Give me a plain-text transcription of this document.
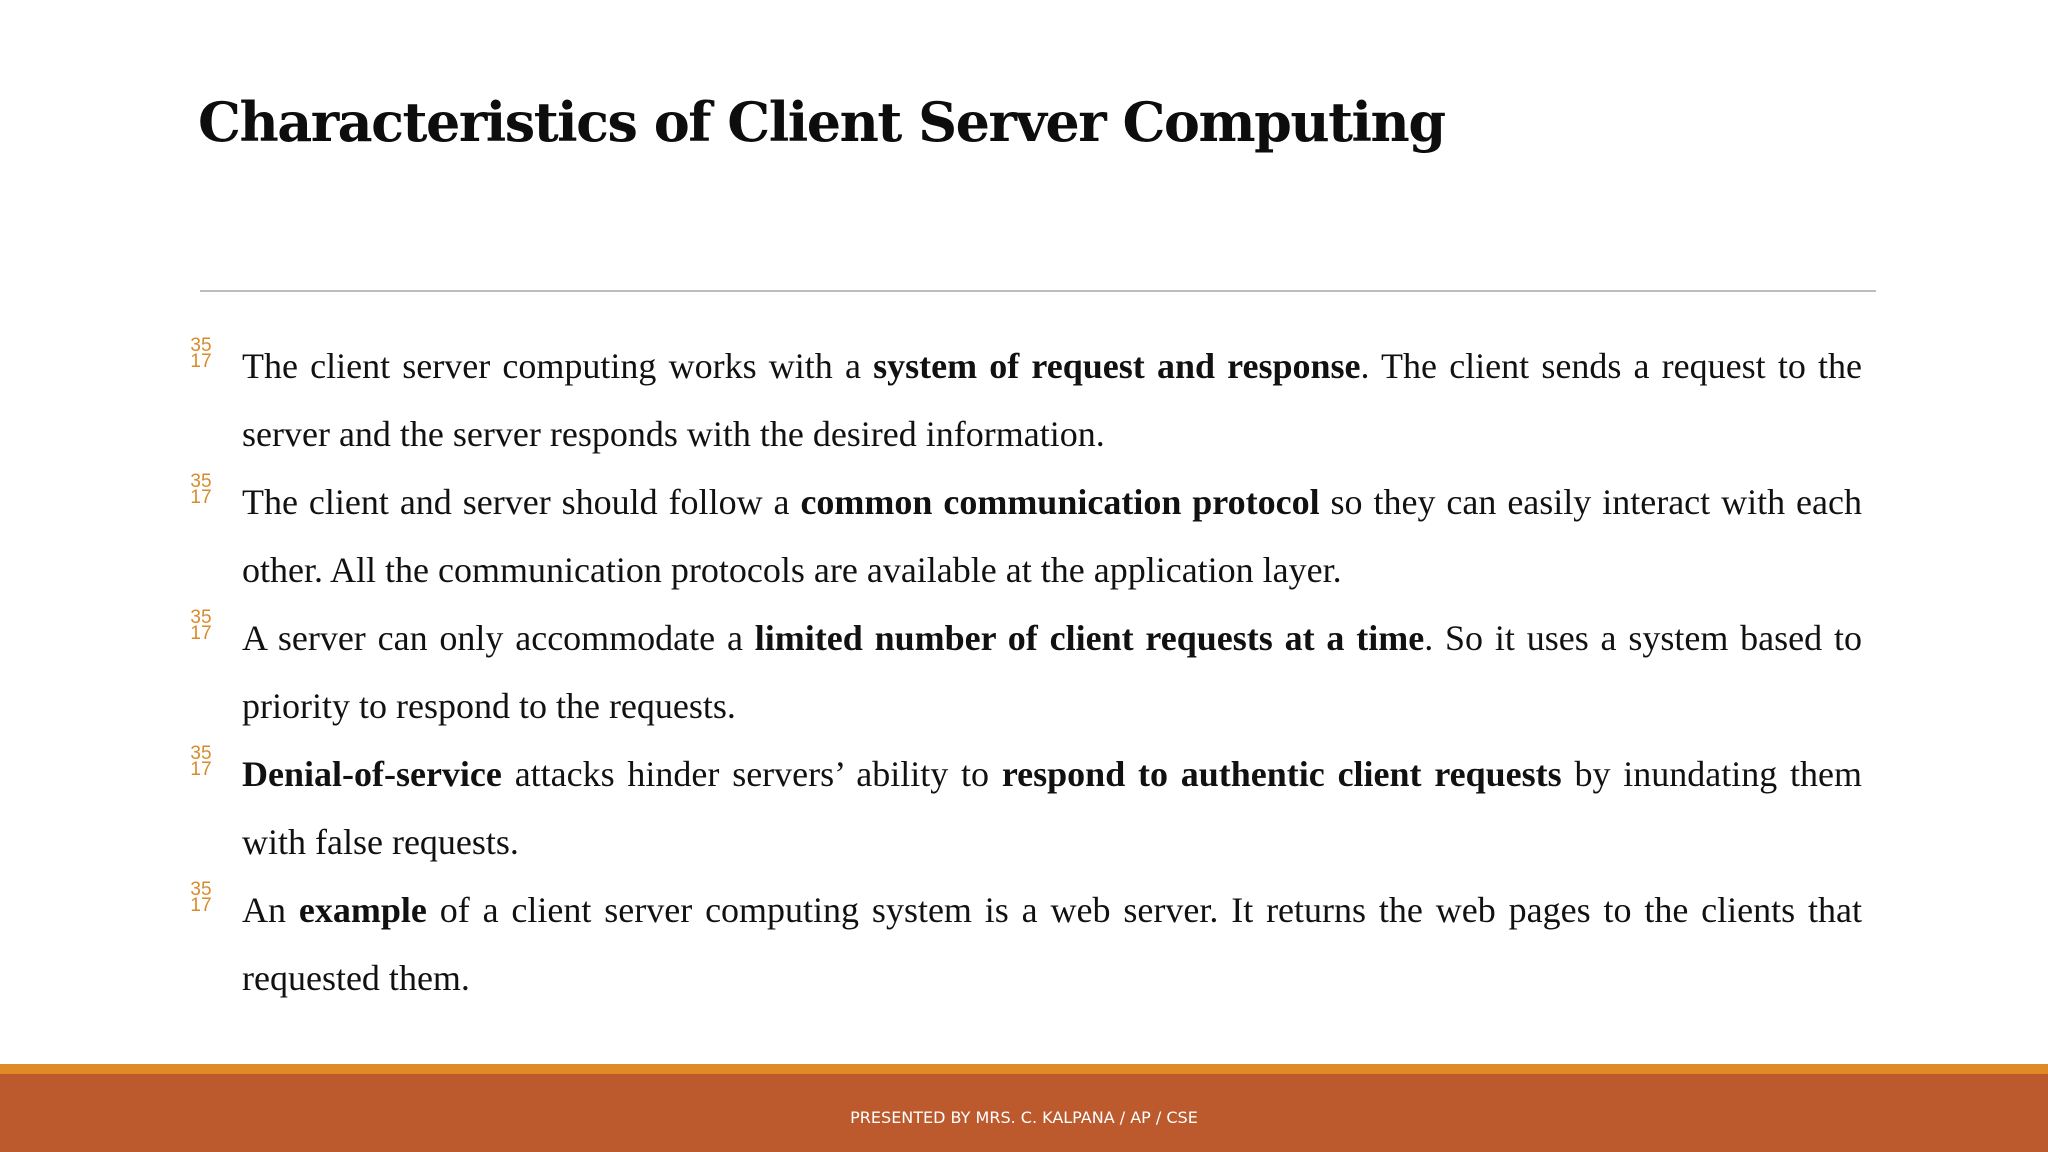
Characteristics of Client Server Computing
35
17 The client server computing works with a system of request and response. The client sends a request to the server and the server responds with the desired information.
35
17 The client and server should follow a common communication protocol so they can easily interact with each other. All the communication protocols are available at the application layer.
35
17 A server can only accommodate a limited number of client requests at a time. So it uses a system based to priority to respond to the requests.
35
17 Denial-of-service attacks hinder servers’ ability to respond to authentic client requests by inundating them with false requests.
35
17 An example of a client server computing system is a web server. It returns the web pages to the clients that requested them.
PRESENTED BY MRS. C. KALPANA / AP / CSE
